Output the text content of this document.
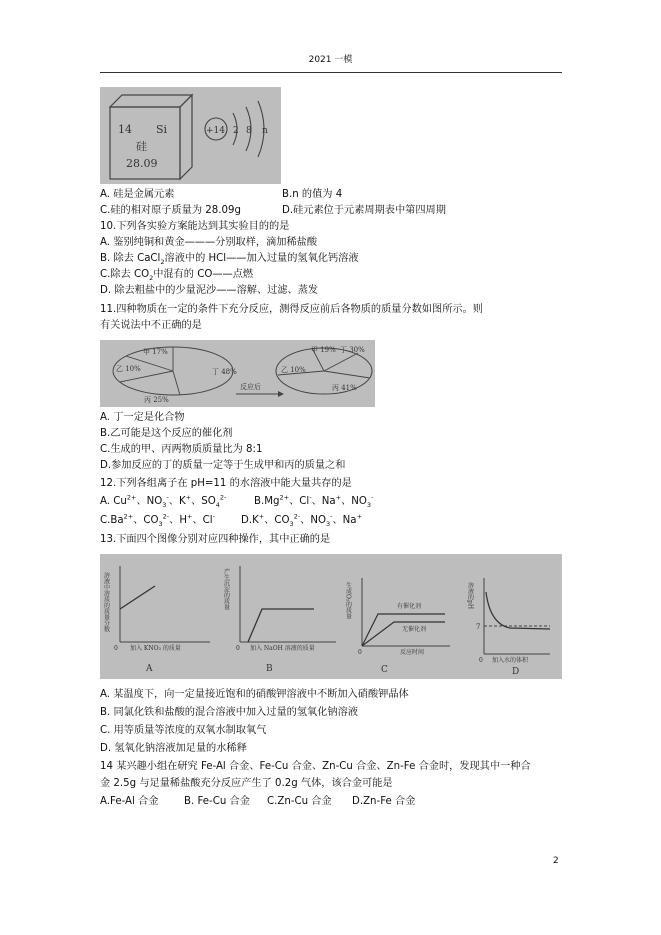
2021 一模
14 Si
硅
28.09
+14 2 8 n
A. 硅是金属元素	B.n 的值为 4
C.硅的相对原子质量为 28.09g	D.硅元素位于元素周期表中第四周期
10.下列各实验方案能达到其实验目的的是
A. 鉴别纯铜和黄金———分别取样，滴加稀盐酸
B. 除去 CaCl$_2$溶液中的 HCl——加入过量的氢氧化钙溶液
C.除去 $CO_2$中混有的 CO——点燃
D. 除去粗盐中的少量泥沙——溶解、过滤、蒸发
11.四种物质在一定的条件下充分反应，测得反应前后各物质的质量分数如图所示。则
有关说法中不正确的是
甲 17%
乙 10%	丁 48%
丙 25%
反应后
甲 19% 丁 30%
乙 10%
丙 41%
A. 丁一定是化合物
B.乙可能是这个反应的催化剂
C.生成的甲、丙两物质质量比为 8:1
D.参加反应的丁的质量一定等于生成甲和丙的质量之和
12.下列各组离子在 pH=11 的水溶液中能大量共存的是
A. $Cu^{2+}$、$NO_3^-$、K+、$SO_4^{2-}$	$B.Mg^{2+}$、Cl-、Na+、$NO_3^-$
$C.Ba^{2+}$、$CO_3^{2-}$、H+、Cl-	D.K+、$CO_3^{2-}$、$NO_3^-$、Na+
13.下面四个图像分别对应四种操作，其中正确的是
溶液中溶质的质量分数
0 加入 KNO₃ 的质量
A
产生沉淀的质量
0 加入 NaOH 溶液的质量
B
生成O₂的质量	有催化剂
无催化剂
0	反应时间
C
溶液的pH
7
0 加入水的体积
D
A. 某温度下，向一定量接近饱和的硝酸钾溶液中不断加入硝酸钾晶体
B. 同氯化铁和盐酸的混合溶液中加入过量的氢氧化钠溶液
C. 用等质量等浓度的双氧水制取氧气
D. 氢氧化钠溶液加足量的水稀释
14 某兴趣小组在研究 Fe-Al 合金、Fe-Cu 合金、Zn-Cu 合金、Zn-Fe 合金时，发现其中一种合
金 2.5g 与足量稀盐酸充分反应产生了 0.2g 气体，该合金可能是
A.Fe-Al 合金	B. Fe-Cu 合金 C.Zn-Cu 合金 D.Zn-Fe 合金
2
